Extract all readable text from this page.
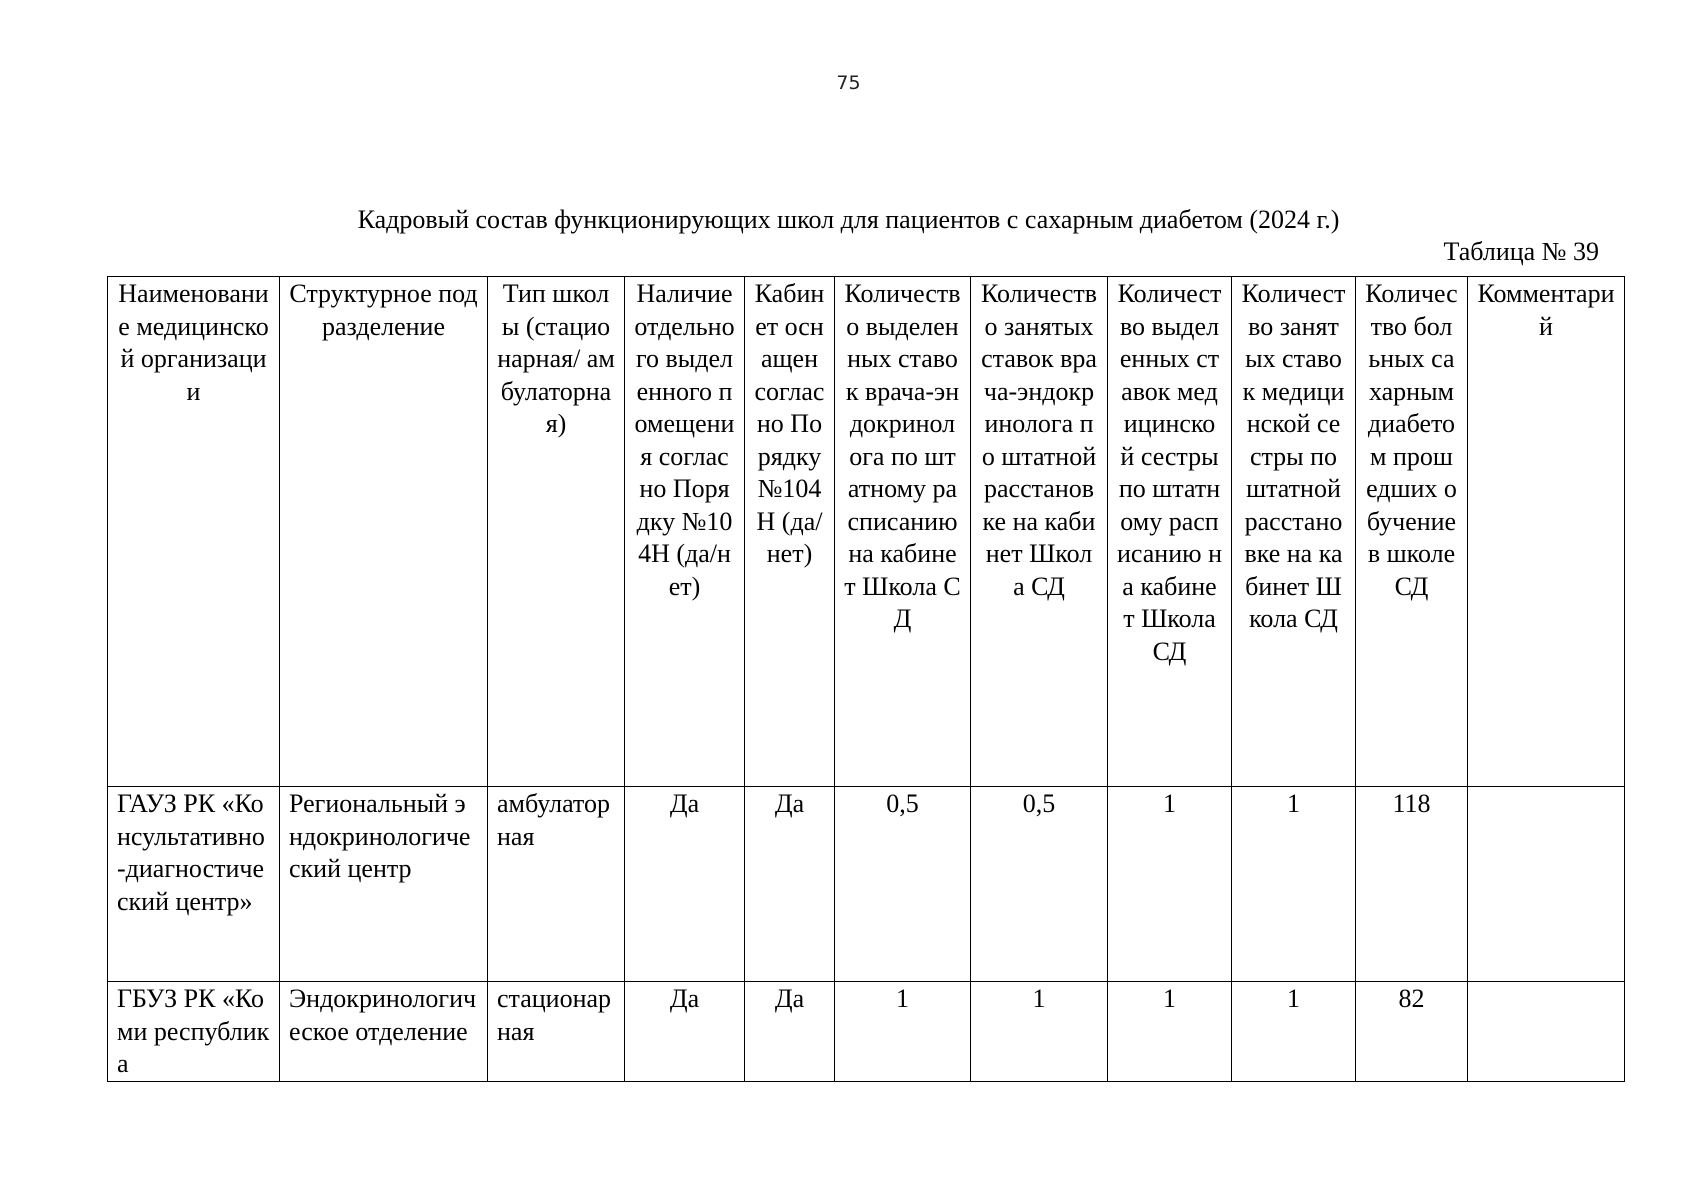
75
Кадровый состав функционирующих школ для пациентов с сахарным диабетом (2024 г.)
Таблица № 39
Наименование медицинской организации	Структурное подразделение	Тип школы (стационарная/ амбулаторная)	Наличие отдельного выделенного помещения согласно Порядку №104Н (да/нет)	Кабинет оснащен согласно Порядку №104Н (да/нет)	Количество выделенных ставок врача-эндокринолога по штатному расписанию на кабинет Школа СД	Количество занятых ставок врача-эндокринолога по штатной расстановке на кабинет Школа СД	Количество выделенных ставок медицинской сестры по штатному расписанию на кабинет Школа СД	Количество занятых ставок медицинской сестры по штатной расстановке на кабинет Школа СД	Количество больных сахарным диабетом прошедших обучение в школе СД	Комментарий
ГАУЗ РК «Консультативно-диагностический центр»	Региональный эндокринологический центр	амбулаторная	Да	Да	0,5	0,5	1	1	118	
ГБУЗ РК «Коми республика	Эндокринологическое отделение	стационарная	Да	Да	1	1	1	1	82	
